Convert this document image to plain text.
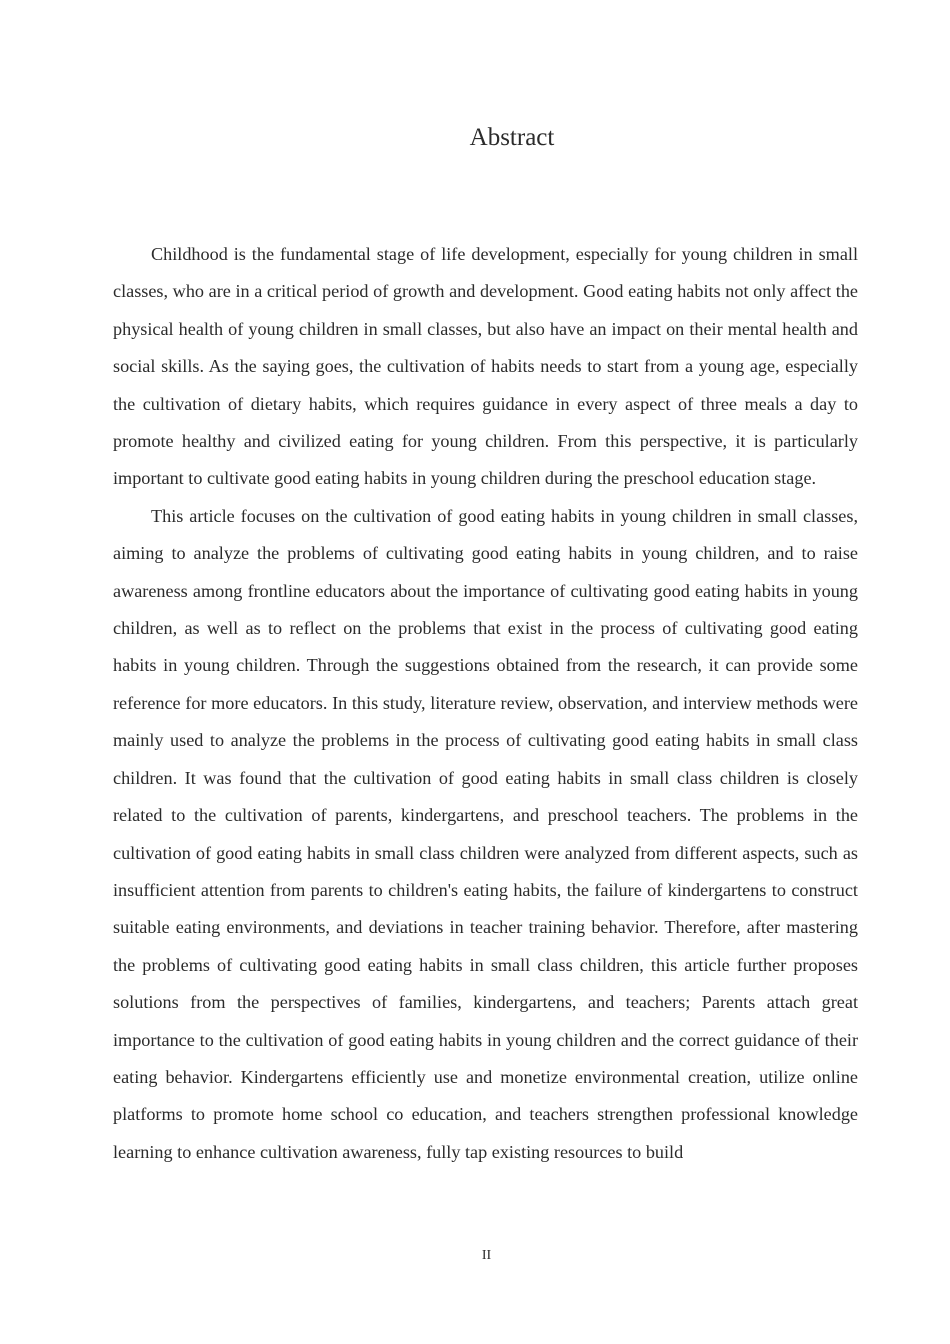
Abstract

Childhood is the fundamental stage of life development, especially for young children in small classes, who are in a critical period of growth and development. Good eating habits not only affect the physical health of young children in small classes, but also have an impact on their mental health and social skills. As the saying goes, the cultivation of habits needs to start from a young age, especially the cultivation of dietary habits, which requires guidance in every aspect of three meals a day to promote healthy and civilized eating for young children. From this perspective, it is particularly important to cultivate good eating habits in young children during the preschool education stage.

This article focuses on the cultivation of good eating habits in young children in small classes, aiming to analyze the problems of cultivating good eating habits in young children, and to raise awareness among frontline educators about the importance of cultivating good eating habits in young children, as well as to reflect on the problems that exist in the process of cultivating good eating habits in young children. Through the suggestions obtained from the research, it can provide some reference for more educators. In this study, literature review, observation, and interview methods were mainly used to analyze the problems in the process of cultivating good eating habits in small class children. It was found that the cultivation of good eating habits in small class children is closely related to the cultivation of parents, kindergartens, and preschool teachers. The problems in the cultivation of good eating habits in small class children were analyzed from different aspects, such as insufficient attention from parents to children's eating habits, the failure of kindergartens to construct suitable eating environments, and deviations in teacher training behavior. Therefore, after mastering the problems of cultivating good eating habits in small class children, this article further proposes solutions from the perspectives of families, kindergartens, and teachers; Parents attach great importance to the cultivation of good eating habits in young children and the correct guidance of their eating behavior. Kindergartens efficiently use and monetize environmental creation, utilize online platforms to promote home school co education, and teachers strengthen professional knowledge learning to enhance cultivation awareness, fully tap existing resources to build

II
